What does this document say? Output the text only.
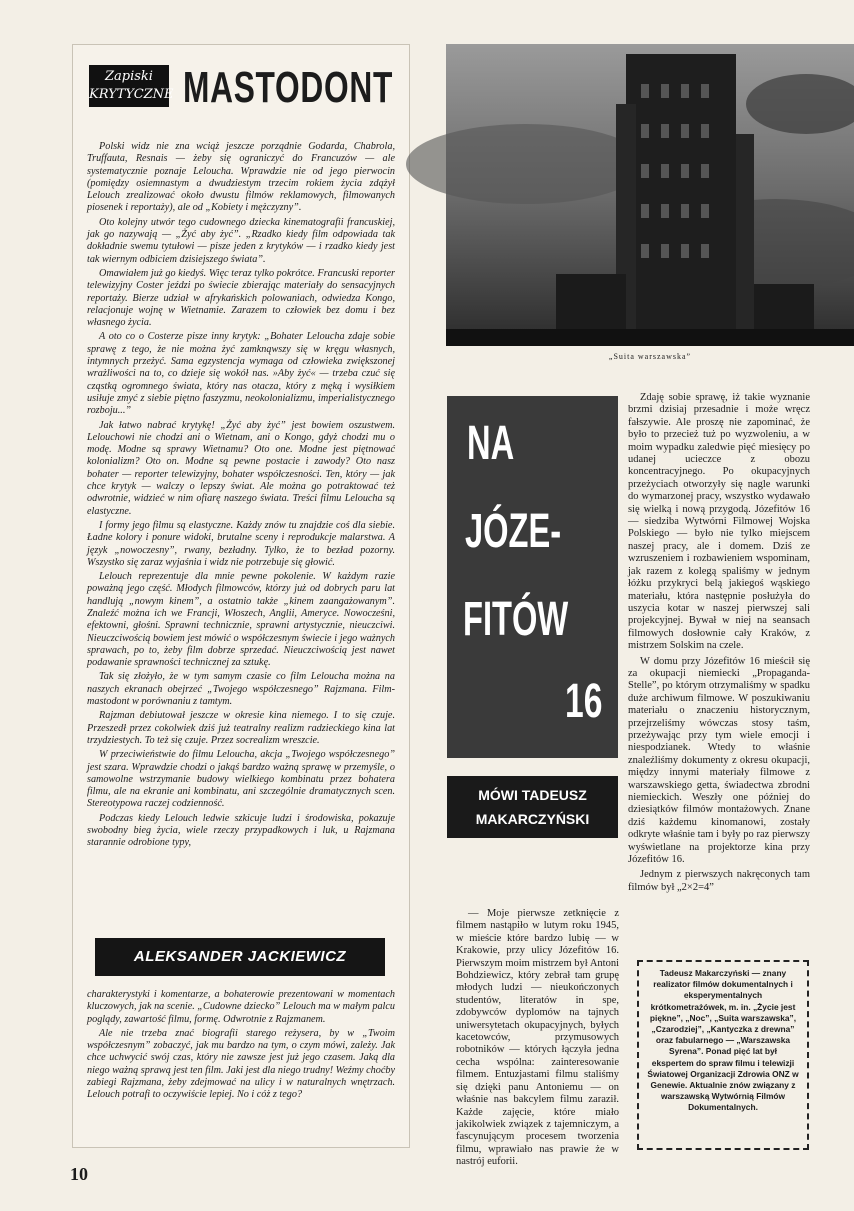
Zapiski
KRYTYCZNE MASTODONT

Polski widz nie zna wciąż jeszcze porządnie Godarda, Chabrola, Truffauta, Resnais — żeby się ograniczyć do Francuzów — ale systematycznie poznaje Lelouchа. Wprawdzie nie od jego pierwocin (pomiędzy osiemnastym a dwudziestym trzecim rokiem życia zdążył Lelouch zrealizować około dwustu filmów reklamowych, filmowanych piosenek i reportaży), ale od „Kobiety i mężczyzny”.

Oto kolejny utwór tego cudownego dziecka kinematografii francuskiej, jak go nazywają — „Żyć aby żyć”. „Rzadko kiedy film odpowiada tak dokładnie swemu tytułowi — pisze jeden z krytyków — i rzadko kiedy jest tak wiernym odbiciem dzisiejszego świata”.

Omawiałem już go kiedyś. Więc teraz tylko pokrótce. Francuski reporter telewizyjny Coster jeździ po świecie zbierając materiały do sensacyjnych reportaży. Bierze udział w afrykańskich polowaniach, odwiedza Kongo, relacjonuje wojnę w Wietnamie. Zarazem to człowiek bez domu i bez własnego życia.

A oto co o Costerze pisze inny krytyk: „Bohater Lelouchа zdaje sobie sprawę z tego, że nie można żyć zamknąwszy się w kręgu własnych, intymnych przeżyć. Sama egzystencja wymaga od człowieka zwiększonej wrażliwości na to, co dzieje się wokół nas. »Aby żyć« — trzeba czuć się cząstką ogromnego świata, który nas otacza, który z męką i wysiłkiem usiłuje zmyć z siebie piętno faszyzmu, neokolonializmu, imperialistycznego rozboju...”

Jak łatwo nabrać krytykę! „Żyć aby żyć” jest bowiem oszustwem. Lelouchowi nie chodzi ani o Wietnam, ani o Kongo, gdyż chodzi mu o modę. Modne są sprawy Wietnamu? Oto one. Modne jest piętnować kolonializm? Oto on. Modne są pewne postacie i zawody? Oto nasz bohater — reporter telewizyjny, bohater współczesności. Ten, który — jak chce krytyk — walczy o lepszy świat. Ale można go potraktować też odwrotnie, widzieć w nim ofiarę naszego świata. Treści filmu Lelouchа są elastyczne.

I formy jego filmu są elastyczne. Każdy znów tu znajdzie coś dla siebie. Ładne kolory i ponure widoki, brutalne sceny i reprodukcje malarstwa. A język „nowoczesny”, rwany, bezładny. Tylko, że to bezład pozorny. Wszystko się zaraz wyjaśnia i widz nie potrzebuje się głowić.

Lelouch reprezentuje dla mnie pewne pokolenie. W każdym razie poważną jego część. Młodych filmowców, którzy już od dobrych paru lat handlują „nowym kinem”, a ostatnio także „kinem zaangażowanym”. Znaleźć można ich we Francji, Włoszech, Anglii, Ameryce. Nowocześni, efektowni, głośni. Sprawni technicznie, sprawni artystycznie, nieuczciwi. Nieuczciwością bowiem jest mówić o współczesnym świecie i jego ważnych sprawach, po to, żeby film dobrze sprzedać. Nieuczciwością jest nawet podawanie sprawności technicznej za sztukę.

Tak się złożyło, że w tym samym czasie co film Lelouchа można na naszych ekranach obejrzeć „Twojego współczesnego” Rajzmana. Film-mastodont w porównaniu z tamtym.

Rajzman debiutował jeszcze w okresie kina niemego. I to się czuje. Przeszedł przez cokolwiek dziś już teatralny realizm radzieckiego kina lat trzydziestych. To też się czuje. Przez socrealizm wreszcie.

W przeciwieństwie do filmu Lelouchа, akcja „Twojego współczesnego” jest szara. Wprawdzie chodzi o jakąś bardzo ważną sprawę w przemyśle, o samowolne wstrzymanie budowy wielkiego kombinatu przez bohatera filmu, ale na ekranie ani kombinatu, ani szczególnie dramatycznych scen. Stereotypowa raczej codzienność.

Podczas kiedy Lelouch ledwie szkicuje ludzi i środowiska, pokazuje swobodny bieg życia, wiele rzeczy przypadkowych i luk, u Rajzmana starannie odrobione typy,

ALEKSANDER JACKIEWICZ

charakterystyki i komentarze, a bohaterowie prezentowani w momentach kluczowych, jak na scenie. „Cudowne dziecko” Lelouch ma w małym palcu poglądy, zawartość filmu, formę. Odwrotnie z Rajzmanem.

Ale nie trzeba znać biografii starego reżysera, by w „Twoim współczesnym” zobaczyć, jak mu bardzo na tym, o czym mówi, zależy. Jak chce uchwycić swój czas, który nie zawsze jest już jego czasem. Jaką dla niego ważną sprawą jest ten film. Jaki jest dla niego trudny! Weźmy choćby zabiegi Rajzmana, żeby zdejmować na ulicy i w naturalnych wnętrzach. Lelouch potrafi to oczywiście lepiej. No i cóż z tego?

10
„Suita warszawska”
NA
JÓZE-
FITÓW
16
MÓWI TADEUSZ
MAKARCZYŃSKI

Zdaję sobie sprawę, iż takie wyznanie brzmi dzisiaj przesadnie i może wręcz fałszywie. Ale proszę nie zapominać, że było to przecież tuż po wyzwoleniu, a w moim wypadku zaledwie pięć miesięcy po udanej ucieczce z obozu koncentracyjnego. Po okupacyjnych przeżyciach otworzyły się nagle warunki do wymarzonej pracy, wszystko wydawało się wielką i nową przygodą. Józefitów 16 — siedziba Wytwórni Filmowej Wojska Polskiego — było nie tylko miejscem naszej pracy, ale i domem. Dziś ze wzruszeniem i rozbawieniem wspominam, jak razem z kolegą spaliśmy w jednym łóżku przykryci belą jakiegoś wąskiego materiału, która następnie posłużyła do uszycia kotar w naszej pierwszej sali projekcyjnej. Bywał w niej na seansach filmowych dosłownie cały Kraków, z mistrzem Solskim na czele.

W domu przy Józefitów 16 mieścił się za okupacji niemiecki „Propaganda-Stelle”, po którym otrzymaliśmy w spadku duże archiwum filmowe. W poszukiwaniu materiału o znaczeniu historycznym, przejrzeliśmy wówczas stosy taśm, przeżywając przy tym wiele emocji i niespodzianek. Wtedy to właśnie znaleźliśmy dokumenty z okresu okupacji, między innymi materiały filmowe z warszawskiego getta, świadectwa zbrodni niemieckich. Weszły one później do dziesiątków filmów montażowych. Znane dziś każdemu kinomanowi, zostały odkryte właśnie tam i były po raz pierwszy wyświetlane na projektorze kina przy Józefitów 16.

Jednym z pierwszych nakręconych tam filmów był „2×2=4”

— Moje pierwsze zetknięcie z filmem nastąpiło w lutym roku 1945, w mieście które bardzo lubię — w Krakowie, przy ulicy Józefitów 16. Pierwszym moim mistrzem był Antoni Bohdziewicz, który zebrał tam grupę młodych ludzi — nieukończonych studentów, literatów in spe, zdobywców dyplomów na tajnych uniwersytetach okupacyjnych, byłych kacetowców, przymusowych robotników — których łączyła jedna cecha wspólna: zainteresowanie filmem. Entuzjastami filmu staliśmy się dzięki panu Antoniemu — on właśnie nas bakcylem filmu zaraził. Każde zajęcie, które miało jakikolwiek związek z tajemniczym, a fascynującym procesem tworzenia filmu, wprawiało nas prawie że w nastrój euforii.

Tadeusz Makarczyński — znany realizator filmów dokumentalnych i eksperymentalnych krótkometrażówek, m. in. „Życie jest piękne”, „Noc”, „Suita warszawska”, „Czarodziej”, „Kantyczka z drewna” oraz fabularnego — „Warszawska Syrena”. Ponad pięć lat był ekspertem do spraw filmu i telewizji Światowej Organizacji Zdrowia ONZ w Genewie. Aktualnie znów związany z warszawską Wytwórnią Filmów Dokumentalnych.
